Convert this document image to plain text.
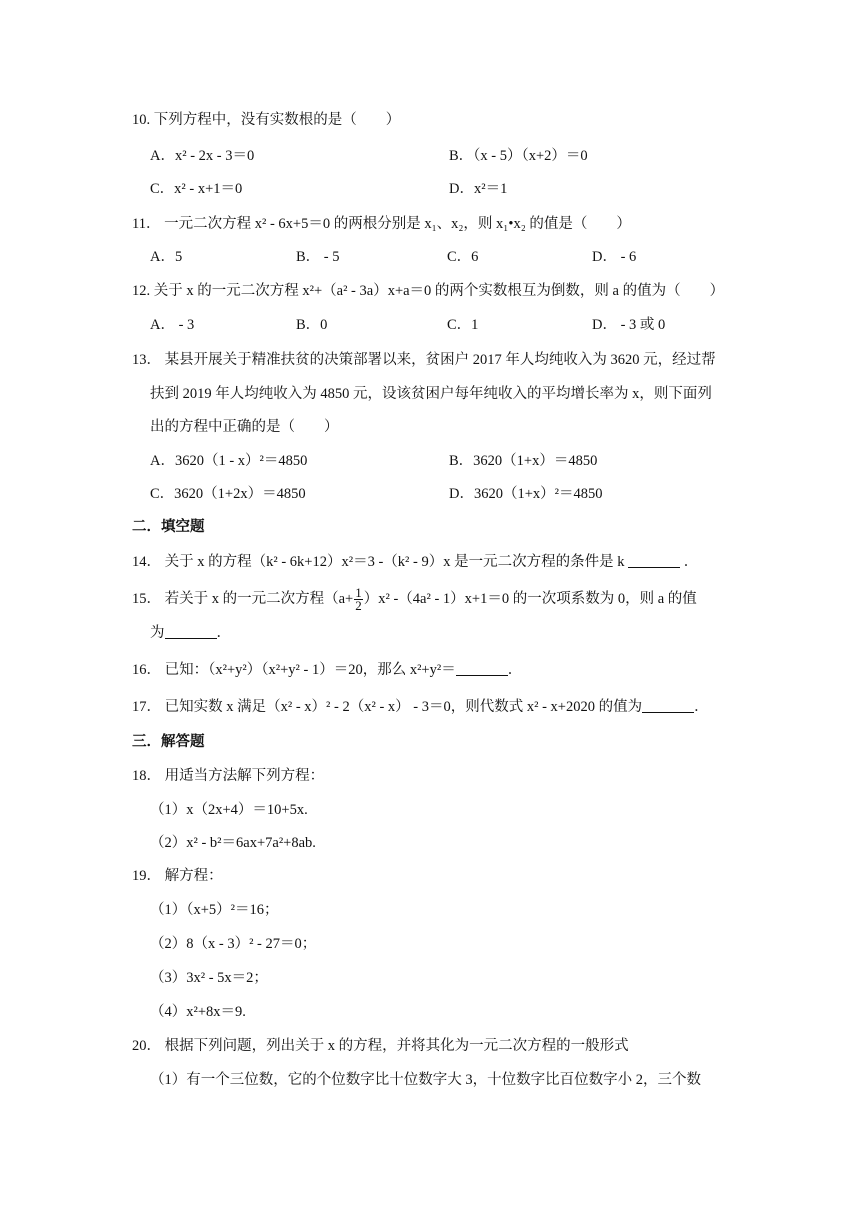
10. 下列方程中，没有实数根的是（　　）
A．x² - 2x - 3＝0	B．（x - 5）（x+2）＝0
C．x² - x+1＝0	D．x²＝1
11． 一元二次方程 x² - 6x+5＝0 的两根分别是 x₁、x₂，则 x₁•x₂ 的值是（　　）
A．5	B． - 5	C．6	D． - 6
12. 关于 x 的一元二次方程 x²+（a² - 3a）x+a＝0 的两个实数根互为倒数，则 a 的值为（　　）
A． - 3	B．0	C．1	D． - 3 或 0
13． 某县开展关于精准扶贫的决策部署以来，贫困户 2017 年人均纯收入为 3620 元，经过帮
扶到 2019 年人均纯收入为 4850 元，设该贫困户每年纯收入的平均增长率为 x，则下面列
出的方程中正确的是（　　）
A．3620（1 - x）²＝4850	B．3620（1+x）＝4850
C．3620（1+2x）＝4850	D．3620（1+x）²＝4850
二．填空题
14． 关于 x 的方程（k² - 6k+12）x²＝3 -（k² - 9）x 是一元二次方程的条件是 k	．
15． 若关于 x 的一元二次方程$(a+ \frac{1}{2} )x^2$ -（4a² - 1）x+1＝0 的一次项系数为 0，则 a 的值
为	．
16． 已知：（x²+y²）（x²+y² - 1）＝20，那么 x²+y²＝	．
17． 已知实数 x 满足（x² - x）² - 2（x² - x） - 3＝0，则代数式 x² - x+2020 的值为	．
三．解答题
18． 用适当方法解下列方程：
（1）x（2x+4）＝10+5x.
（2）x² - b²＝6ax+7a²+8ab.
19． 解方程：
（1）（x+5）²＝16；
（2）8（x - 3）² - 27＝0；
（3）3x² - 5x＝2；
（4）x²+8x＝9.
20． 根据下列问题，列出关于 x 的方程，并将其化为一元二次方程的一般形式
（1）有一个三位数，它的个位数字比十位数字大 3，十位数字比百位数字小 2，三个数
